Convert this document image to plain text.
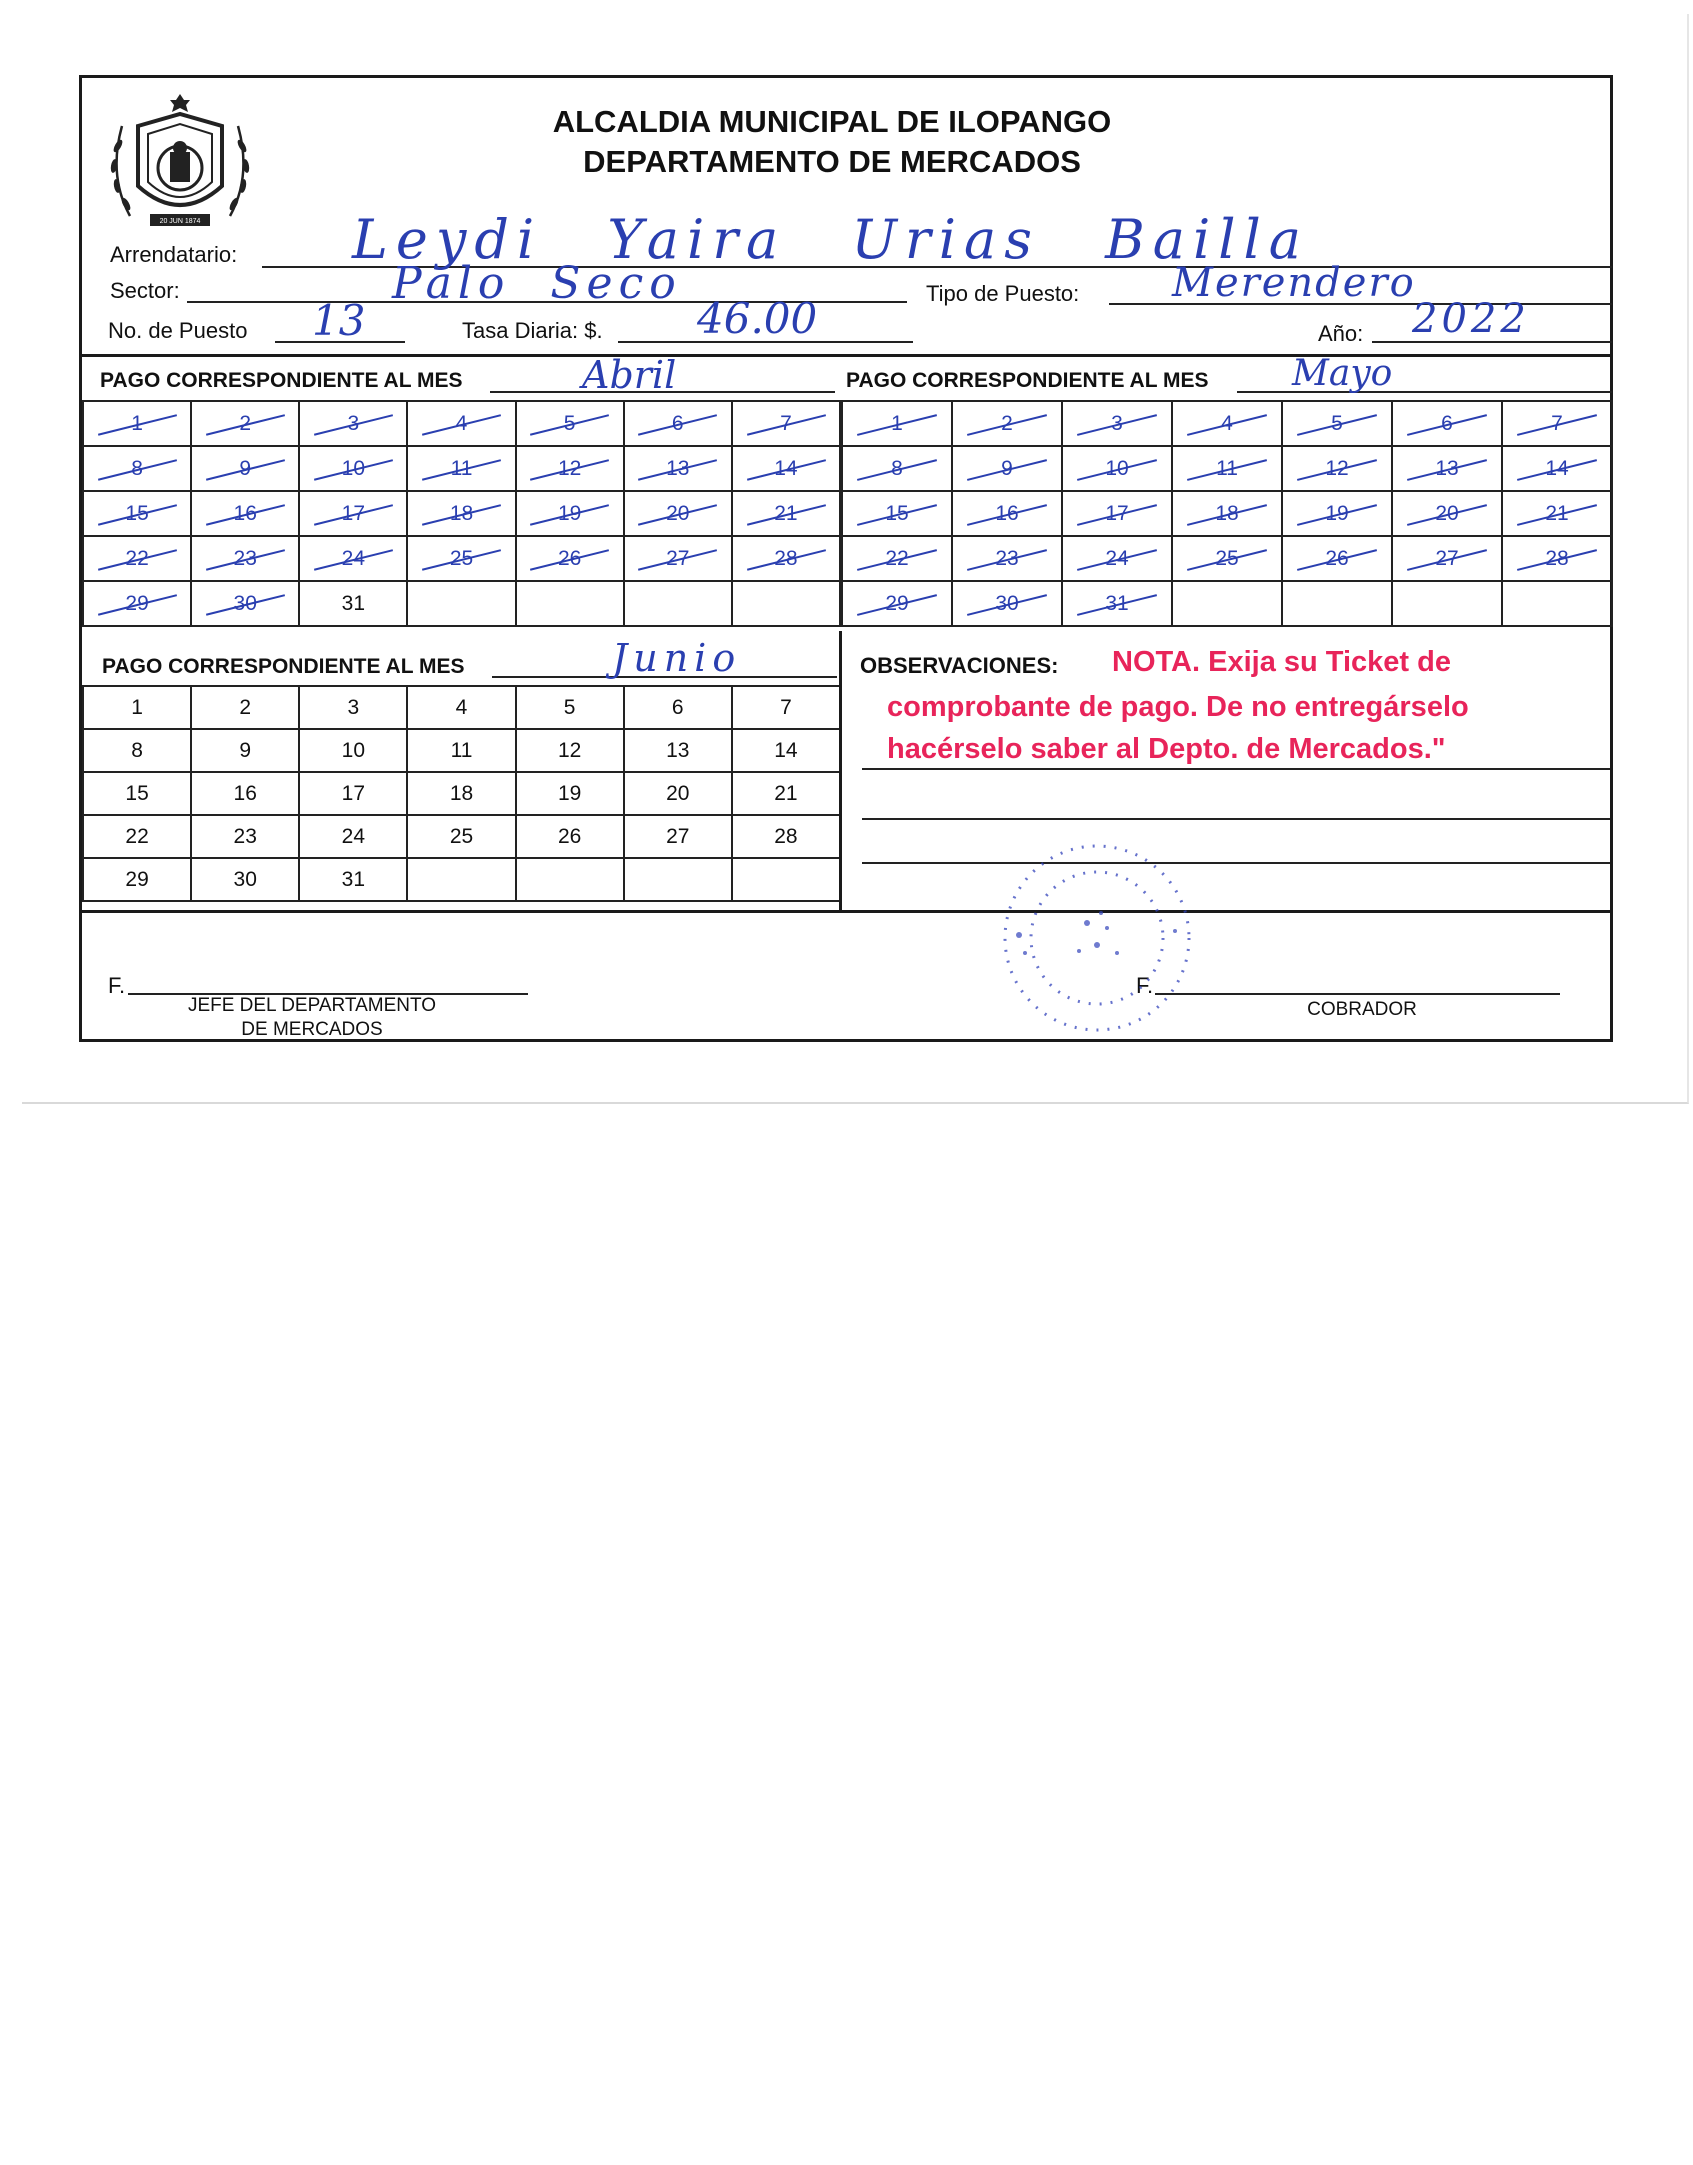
20 JUN 1874
ALCALDIA MUNICIPAL DE ILOPANGO
DEPARTAMENTO DE MERCADOS
Arrendatario: Leydi Yaira Urias Bailla
Sector:	Palo Seco	Tipo de Puesto: Merendero
No. de Puesto 13	Tasa Diaria: $. 46.00	Año: 2022
PAGO CORRESPONDIENTE AL MES	Abril	PAGO CORRESPONDIENTE AL MES Mayo
1	2	3	4	5	6	7
8	9	10	11	12	13	14
15	16	17	18	19	20	21
22	23	24	25	26	27	28
29	30	31				
1	2	3	4	5	6	7
8	9	10	11	12	13	14
15	16	17	18	19	20	21
22	23	24	25	26	27	28
29	30	31				
PAGO CORRESPONDIENTE AL MES	Junio
1	2	3	4	5	6	7
8	9	10	11	12	13	14
15	16	17	18	19	20	21
22	23	24	25	26	27	28
29	30	31				
OBSERVACIONES: NOTA. Exija su Ticket de
comprobante de pago. De no entregárselo
hacérselo saber al Depto. de Mercados."
F.
JEFE DEL DEPARTAMENTO
DE MERCADOS
F.
COBRADOR
